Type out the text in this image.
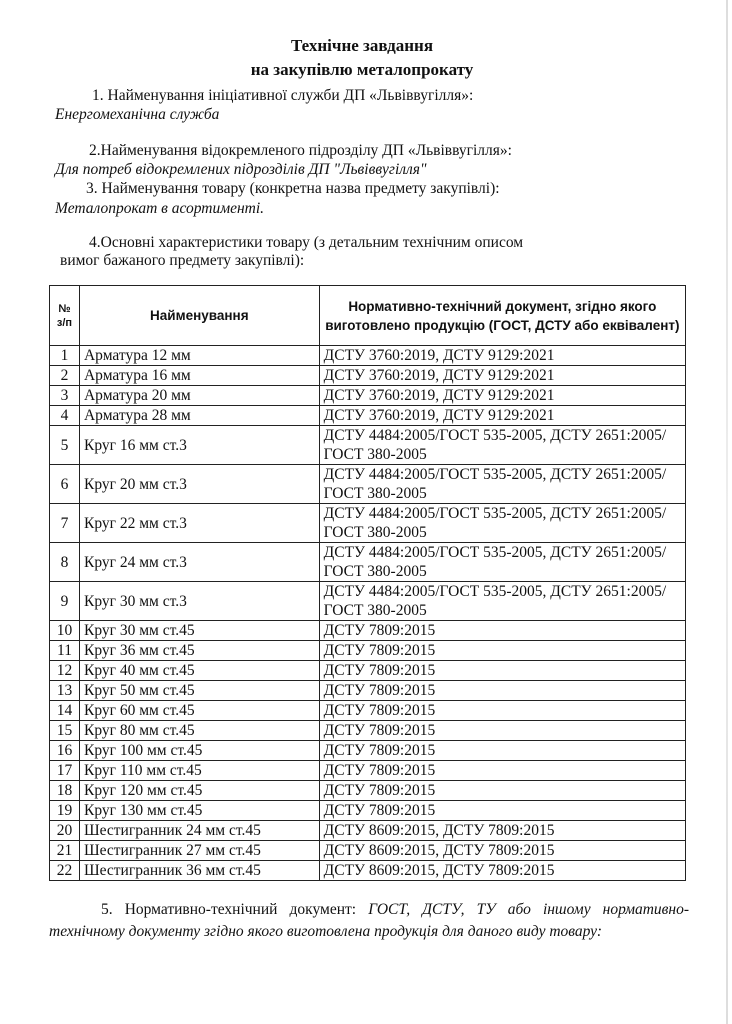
Технічне завдання
на закупівлю металопрокату
1. Найменування ініціативної служби ДП «Львіввугілля»:
Енергомеханічна служба
2.Найменування відокремленого підрозділу ДП «Львіввугілля»:
Для потреб відокремлених підрозділів ДП "Львіввугілля"
3. Найменування товару (конкретна назва предмету закупівлі):
Металопрокат в асортименті.
4.Основні характеристики товару (з детальним технічним описом
вимог бажаного предмету закупівлі):
№ з/п	Найменування	Нормативно-технічний документ, згідно якого виготовлено продукцію (ГОСТ, ДСТУ або еквівалент)
1	Арматура 12 мм	ДСТУ 3760:2019, ДСТУ 9129:2021
2	Арматура 16 мм	ДСТУ 3760:2019, ДСТУ 9129:2021
3	Арматура 20 мм	ДСТУ 3760:2019, ДСТУ 9129:2021
4	Арматура 28 мм	ДСТУ 3760:2019, ДСТУ 9129:2021
5	Круг 16 мм ст.3	ДСТУ 4484:2005/ГОСТ 535-2005, ДСТУ 2651:2005/ГОСТ 380-2005
6	Круг 20 мм ст.3	ДСТУ 4484:2005/ГОСТ 535-2005, ДСТУ 2651:2005/ГОСТ 380-2005
7	Круг 22 мм ст.3	ДСТУ 4484:2005/ГОСТ 535-2005, ДСТУ 2651:2005/ГОСТ 380-2005
8	Круг 24 мм ст.3	ДСТУ 4484:2005/ГОСТ 535-2005, ДСТУ 2651:2005/ГОСТ 380-2005
9	Круг 30 мм ст.3	ДСТУ 4484:2005/ГОСТ 535-2005, ДСТУ 2651:2005/ГОСТ 380-2005
10	Круг 30 мм ст.45	ДСТУ 7809:2015
11	Круг 36 мм ст.45	ДСТУ 7809:2015
12	Круг 40 мм ст.45	ДСТУ 7809:2015
13	Круг 50 мм ст.45	ДСТУ 7809:2015
14	Круг 60 мм ст.45	ДСТУ 7809:2015
15	Круг 80 мм ст.45	ДСТУ 7809:2015
16	Круг 100 мм ст.45	ДСТУ 7809:2015
17	Круг 110 мм ст.45	ДСТУ 7809:2015
18	Круг 120 мм ст.45	ДСТУ 7809:2015
19	Круг 130 мм ст.45	ДСТУ 7809:2015
20	Шестигранник 24 мм ст.45	ДСТУ 8609:2015, ДСТУ 7809:2015
21	Шестигранник 27 мм ст.45	ДСТУ 8609:2015, ДСТУ 7809:2015
22	Шестигранник 36 мм ст.45	ДСТУ 8609:2015, ДСТУ 7809:2015
5. Нормативно-технічний документ: ГОСТ, ДСТУ, ТУ або іншому нормативно-технічному документу згідно якого виготовлена продукція для даного виду товару:
